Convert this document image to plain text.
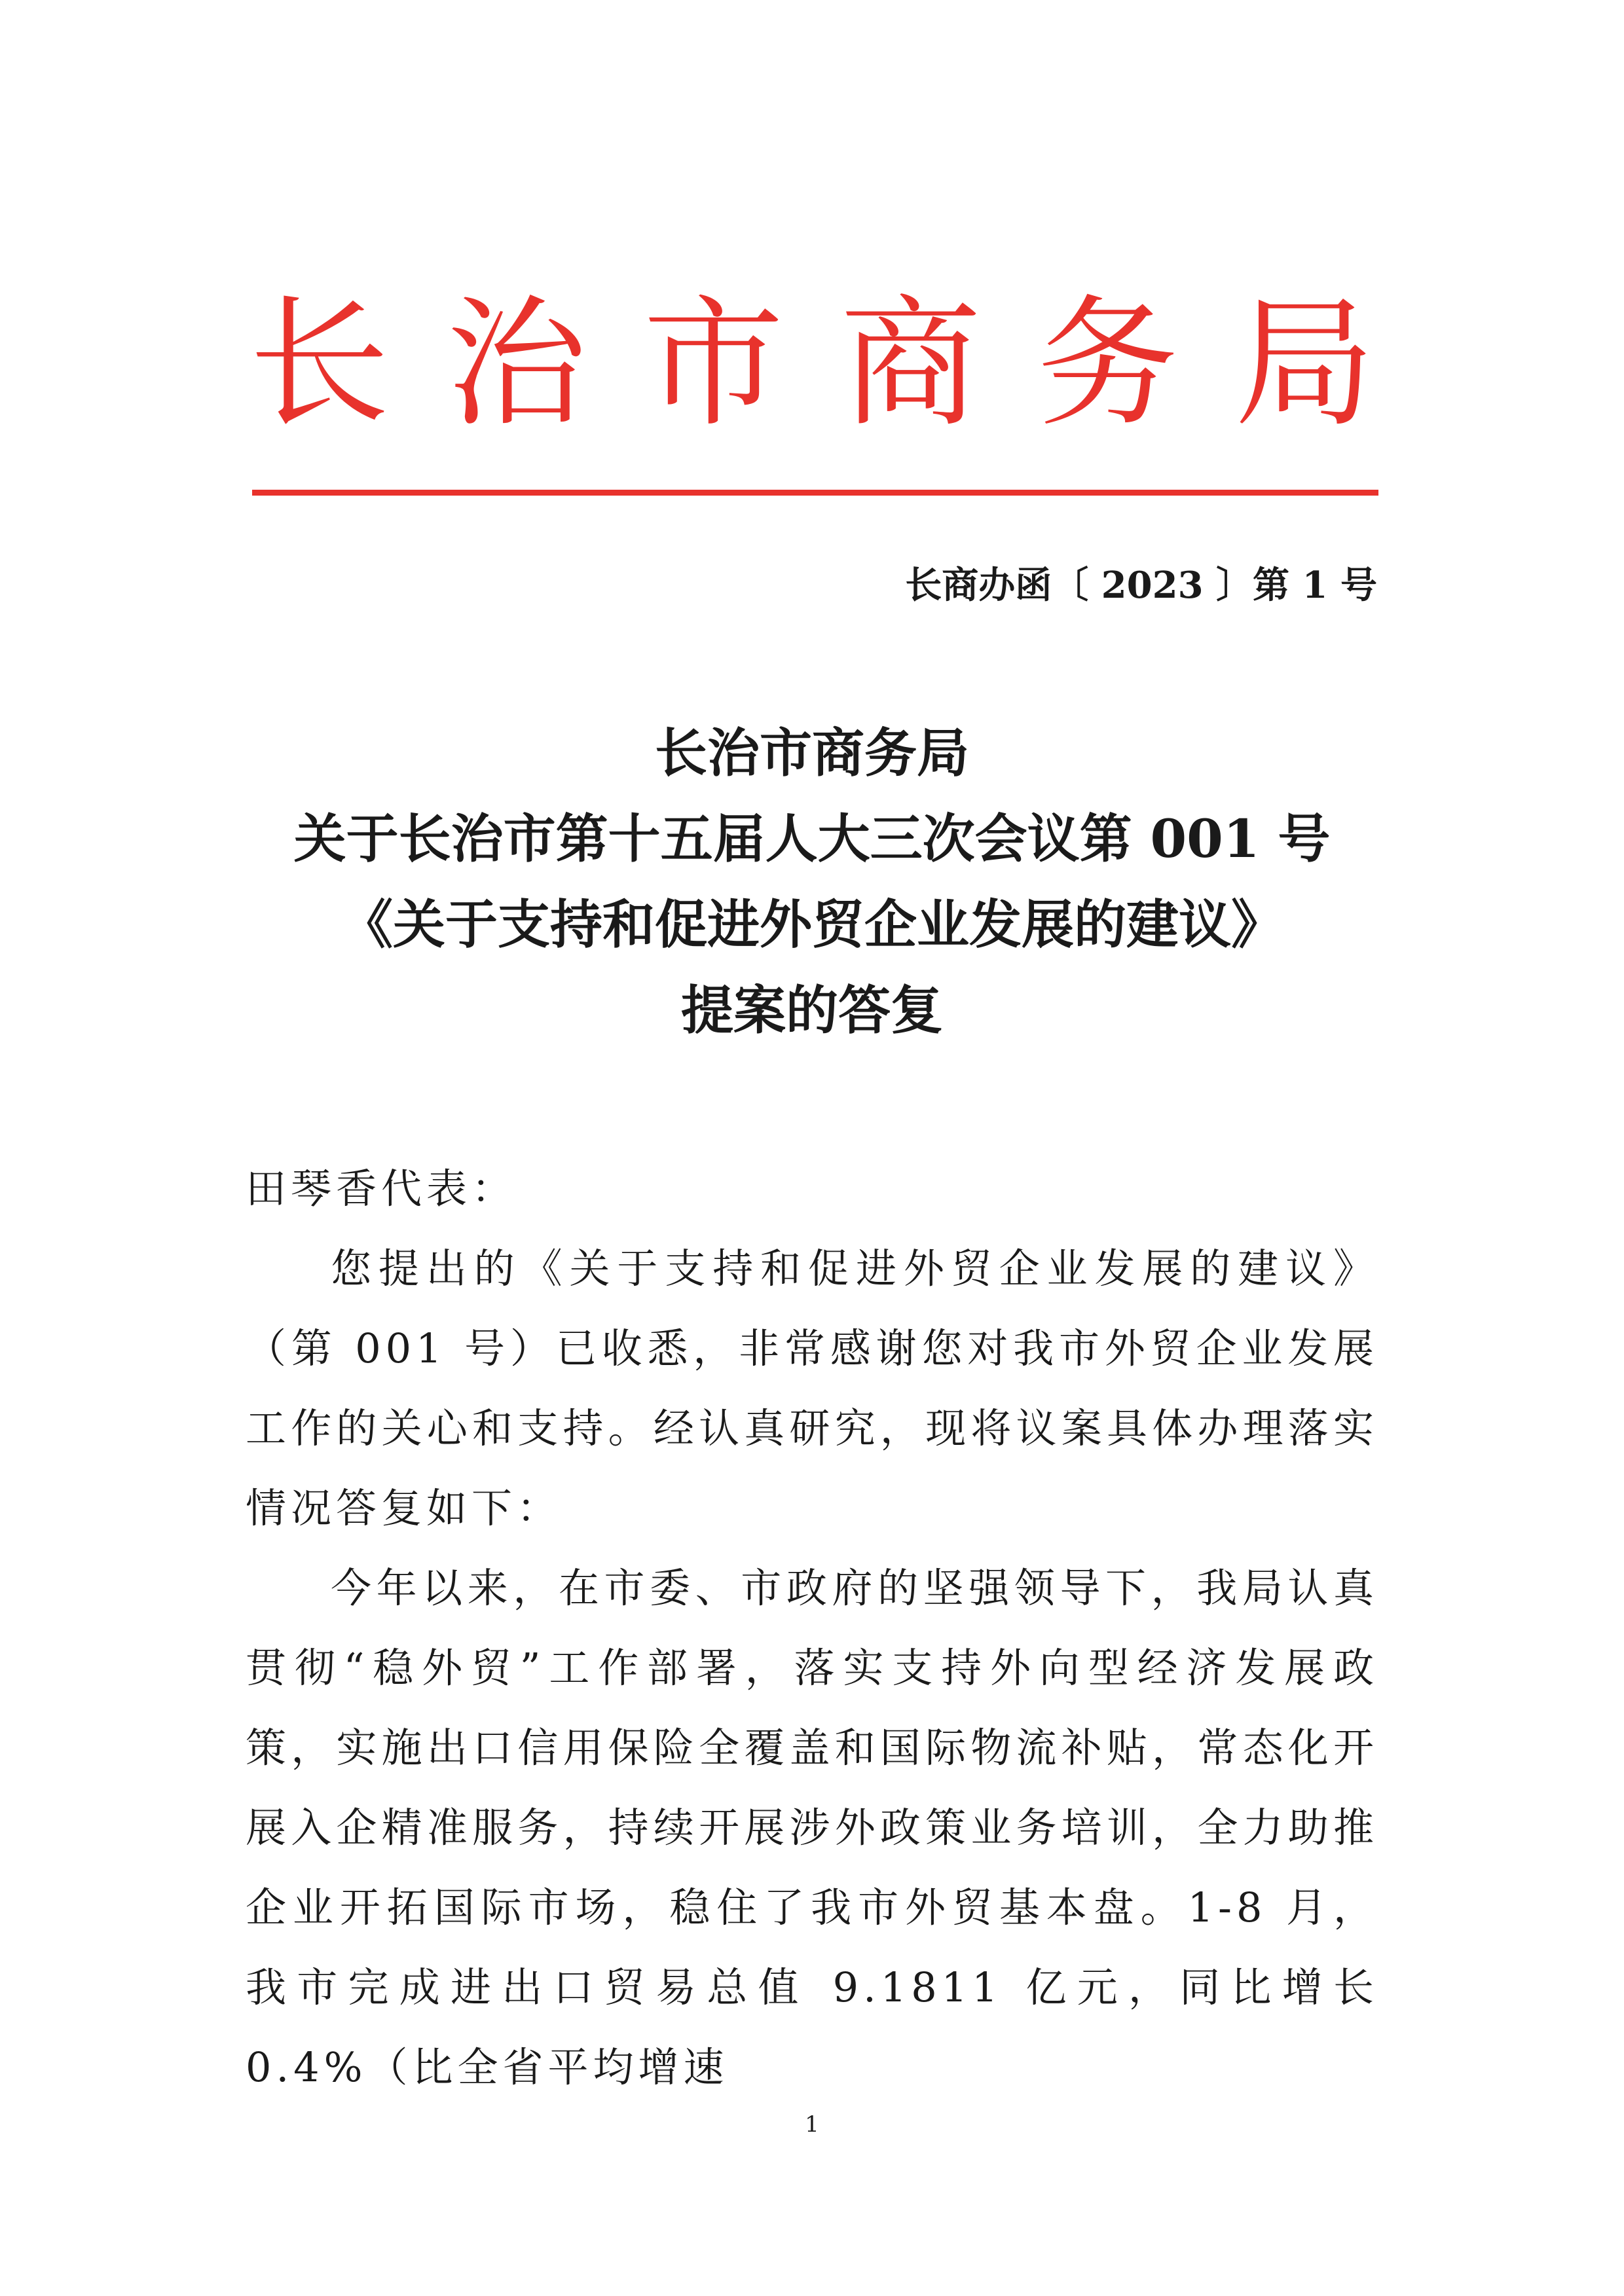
长 治 市 商 务 局
长商办函〔 2023 〕第 1 号
长治市商务局
关于长治市第十五届人大三次会议第 001 号
《关于支持和促进外贸企业发展的建议》
提案的答复
田琴香代表：
您提出的《关于支持和促进外贸企业发展的建议》（第 001 号）已收悉，非常感谢您对我市外贸企业发展工作的关心和支持。经认真研究，现将议案具体办理落实情况答复如下：
今年以来，在市委、市政府的坚强领导下，我局认真贯彻“稳外贸”工作部署，落实支持外向型经济发展政策，实施出口信用保险全覆盖和国际物流补贴，常态化开展入企精准服务，持续开展涉外政策业务培训，全力助推企业开拓国际市场，稳住了我市外贸基本盘。1-8 月，我市完成进出口贸易总值 9.1811 亿元，同比增长 0.4%（比全省平均增速
1
